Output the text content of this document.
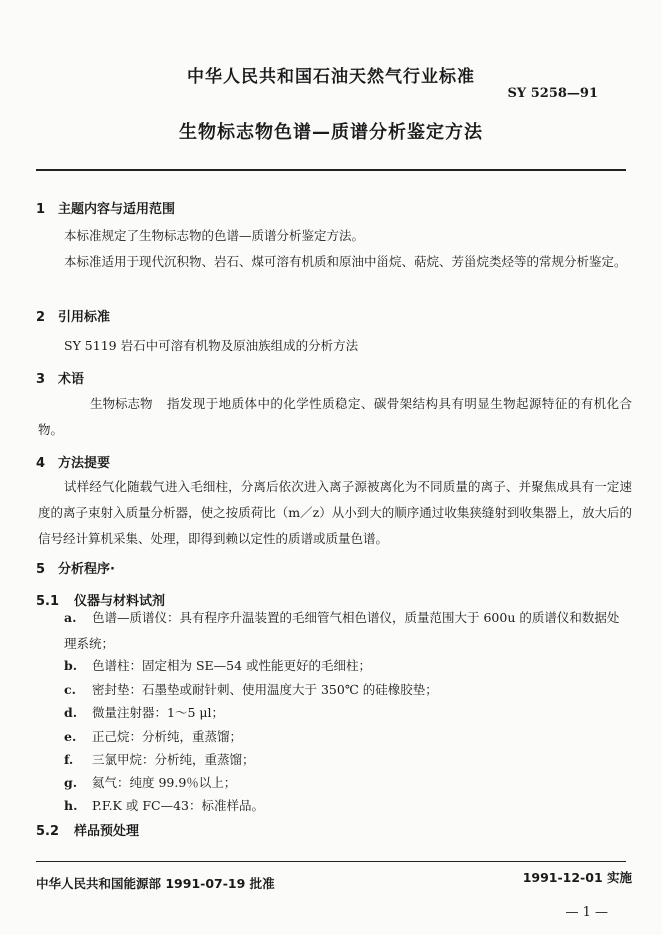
中华人民共和国石油天然气行业标准
SY 5258—91
生物标志物色谱—质谱分析鉴定方法
1 主题内容与适用范围

本标准规定了生物标志物的色谱—质谱分析鉴定方法。

本标准适用于现代沉积物、岩石、煤可溶有机质和原油中甾烷、萜烷、芳甾烷类烃等的常规分析鉴定。

2 引用标准
SY 5119 岩石中可溶有机物及原油族组成的分析方法
3 术语

生物标志物 指发现于地质体中的化学性质稳定、碳骨架结构具有明显生物起源特征的有机化合物。

4 方法提要

试样经气化随载气进入毛细柱，分离后依次进入离子源被离化为不同质量的离子、并聚焦成具有一定速度的离子束射入质量分析器，使之按质荷比（m／z）从小到大的顺序通过收集狭缝射到收集器上，放大后的信号经计算机采集、处理，即得到赖以定性的质谱或质量色谱。

5 分析程序·
5.1 仪器与材料试剂
a. 色谱—质谱仪：具有程序升温装置的毛细管气相色谱仪，质量范围大于 600u 的质谱仪和数据处理系统；
b. 色谱柱：固定相为 SE—54 或性能更好的毛细柱；
c. 密封垫：石墨垫或耐针刺、使用温度大于 350℃ 的硅橡胶垫；
d. 微量注射器：1～5 μl；
e. 正己烷：分析纯，重蒸馏；
f. 三氯甲烷：分析纯，重蒸馏；
g. 氦气：纯度 99.9％以上；
h. P.F.K 或 FC—43：标准样品。
5.2 样品预处理
中华人民共和国能源部 1991-07-19 批准	1991-12-01 实施
— 1 —
